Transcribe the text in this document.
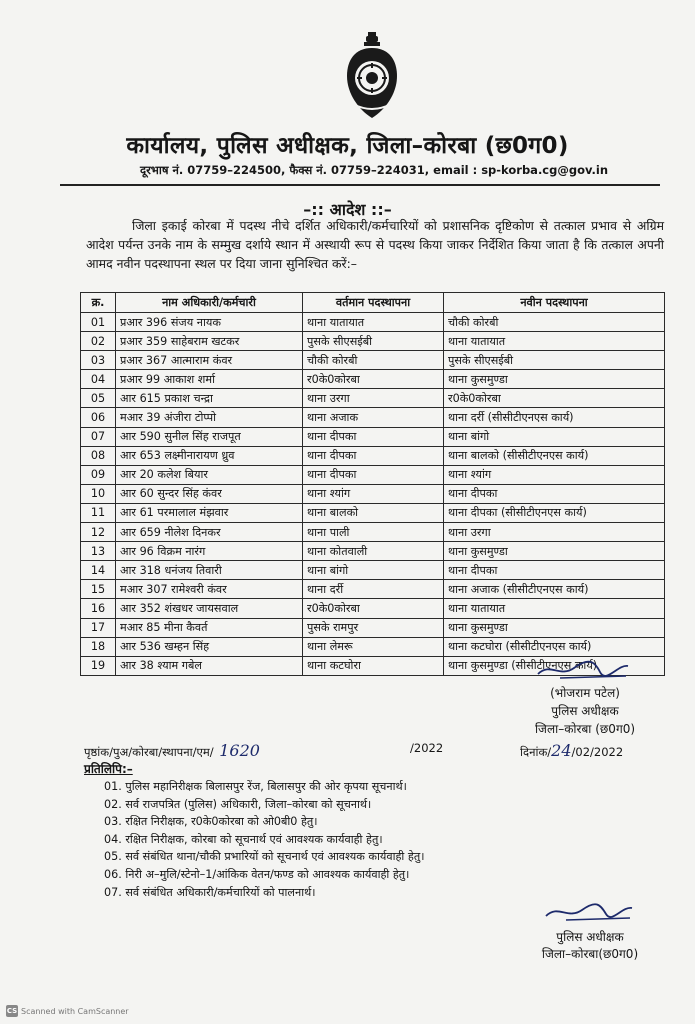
कार्यालय, पुलिस अधीक्षक, जिला–कोरबा (छ0ग0)
दूरभाष नं. 07759–224500, फैक्स नं. 07759–224031, email : sp-korba.cg@gov.in
–:: आदेश ::–
जिला इकाई कोरबा में पदस्थ नीचे दर्शित अधिकारी/कर्मचारियों को प्रशासनिक दृष्टिकोण से तत्काल प्रभाव से अग्रिम आदेश पर्यन्त उनके नाम के सम्मुख दर्शाये स्थान में अस्थायी रूप से पदस्थ किया जाकर निर्देशित किया जाता है कि तत्काल अपनी आमद नवीन पदस्थापना स्थल पर दिया जाना सुनिश्चित करें:–
क्र.	नाम अधिकारी/कर्मचारी	वर्तमान पदस्थापना	नवीन पदस्थापना
01	प्रआर 396 संजय नायक	थाना यातायात	चौकी कोरबी
02	प्रआर 359 साहेबराम खटकर	पुसके सीएसईबी	थाना यातायात
03	प्रआर 367 आत्माराम कंवर	चौकी कोरबी	पुसके सीएसईबी
04	प्रआर 99 आकाश शर्मा	र0के0कोरबा	थाना कुसमुण्डा
05	आर 615 प्रकाश चन्द्रा	थाना उरगा	र0के0कोरबा
06	मआर 39 अंजीरा टोप्पो	थाना अजाक	थाना दर्री (सीसीटीएनएस कार्य)
07	आर 590 सुनील सिंह राजपूत	थाना दीपका	थाना बांगो
08	आर 653 लक्ष्मीनारायण ध्रुव	थाना दीपका	थाना बालको (सीसीटीएनएस कार्य)
09	आर 20 कलेश बियार	थाना दीपका	थाना श्यांग
10	आर 60 सुन्दर सिंह कंवर	थाना श्यांग	थाना दीपका
11	आर 61 परमालाल मंझवार	थाना बालको	थाना दीपका (सीसीटीएनएस कार्य)
12	आर 659 नीलेश दिनकर	थाना पाली	थाना उरगा
13	आर 96 विक्रम नारंग	थाना कोतवाली	थाना कुसमुण्डा
14	आर 318 धनंजय तिवारी	थाना बांगो	थाना दीपका
15	मआर 307 रामेश्वरी कंवर	थाना दर्री	थाना अजाक (सीसीटीएनएस कार्य)
16	आर 352 शंखधर जायसवाल	र0के0कोरबा	थाना यातायात
17	मआर 85 मीना कैवर्त	पुसके रामपुर	थाना कुसमुण्डा
18	आर 536 खम्हन सिंह	थाना लेमरू	थाना कटघोरा (सीसीटीएनएस कार्य)
19	आर 38 श्याम गबेल	थाना कटघोरा	थाना कुसमुण्डा (सीसीटीएनएस कार्य)
(भोजराम पटेल)
पुलिस अधीक्षक
जिला–कोरबा (छ0ग0)
पृष्ठांक/पुअ/कोरबा/स्थापना/एम/ 1620	/2022	दिनांक/24/02/2022
प्रतिलिपि:–
01. पुलिस महानिरीक्षक बिलासपुर रेंज, बिलासपुर की ओर कृपया सूचनार्थ।
02. सर्व राजपत्रित (पुलिस) अधिकारी, जिला–कोरबा को सूचनार्थ।
03. रक्षित निरीक्षक, र0के0कोरबा को ओ0बी0 हेतु।
04. रक्षित निरीक्षक, कोरबा को सूचनार्थ एवं आवश्यक कार्यवाही हेतु।
05. सर्व संबंधित थाना/चौकी प्रभारियों को सूचनार्थ एवं आवश्यक कार्यवाही हेतु।
06. निरी अ–मुलि/स्टेनो–1/आंकिक वेतन/फण्ड को आवश्यक कार्यवाही हेतु।
07. सर्व संबंधित अधिकारी/कर्मचारियों को पालनार्थ।
पुलिस अधीक्षक
जिला–कोरबा(छ0ग0)
CS Scanned with CamScanner
